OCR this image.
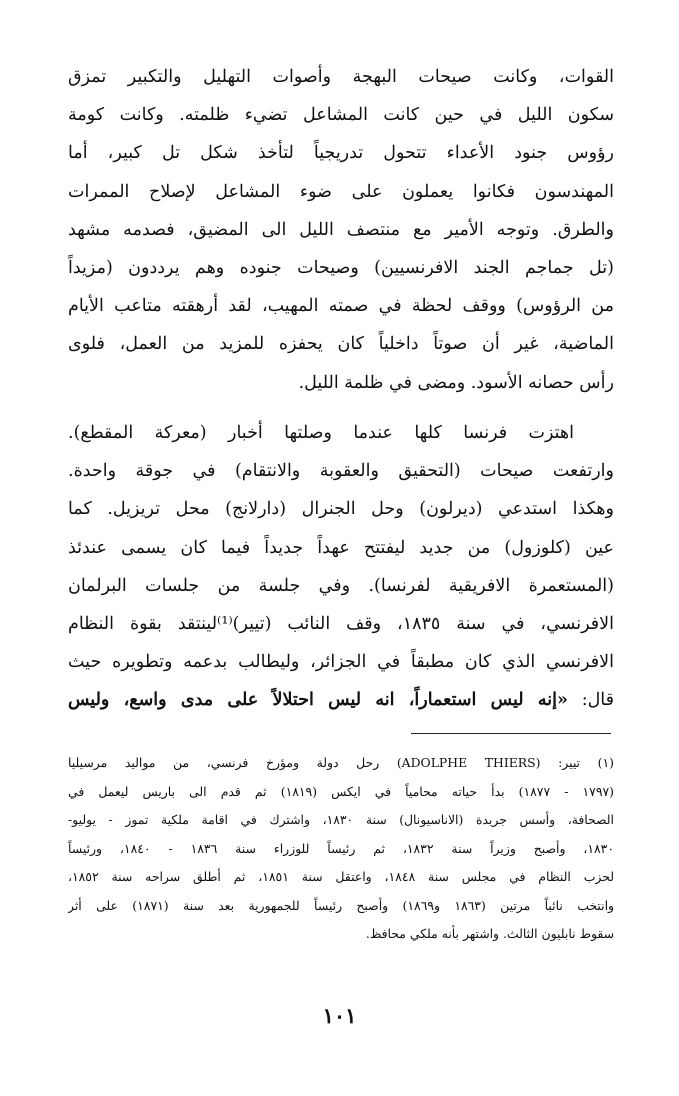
القوات، وكانت صيحات البهجة وأصوات التهليل والتكبير تمزق
سكون الليل في حين كانت المشاعل تضيء ظلمته. وكانت كومة
رؤوس جنود الأعداء تتحول تدريجياً لتأخذ شكل تل كبير، أما
المهندسون فكانوا يعملون على ضوء المشاعل لإصلاح الممرات
والطرق. وتوجه الأمير مع منتصف الليل الى المضيق، فصدمه مشهد
(تل جماجم الجند الافرنسيين) وصيحات جنوده وهم يرددون (مزيداً
من الرؤوس) ووقف لحظة في صمته المهيب، لقد أرهقته متاعب الأيام
الماضية، غير أن صوتاً داخلياً كان يحفزه للمزيد من العمل، فلوى
رأس حصانه الأسود. ومضى في ظلمة الليل.
اهتزت فرنسا كلها عندما وصلتها أخبار (معركة المقطع).
وارتفعت صيحات (التحقيق والعقوبة والانتقام) في جوقة واحدة.
وهكذا استدعي (ديرلون) وحل الجنرال (دارلانج) محل تريزيل. كما
عين (كلوزول) من جديد ليفتتح عهداً جديداً فيما كان يسمى عندئذ
(المستعمرة الافريقية لفرنسا). وفي جلسة من جلسات البرلمان
الافرنسي، في سنة ١٨٣٥، وقف النائب (تيير)⁽¹⁾لينتقد بقوة النظام
الافرنسي الذي كان مطبقاً في الجزائر، وليطالب بدعمه وتطويره حيث
قال: «إنه ليس استعماراً، انه ليس احتلالاً على مدى واسع، وليس
(١) تيير: (ADOLPHE THIERS) رحل دولة ومؤرخ فرنسي، من مواليد مرسيليا
(١٧٩٧ - ١٨٧٧) بدأ حياته محامياً في ايكس (١٨١٩) ثم قدم الى باريس ليعمل في
الصحافة، وأسس جريدة (الاناسيونال) سنة ١٨٣٠، واشترك في اقامة ملكية تموز - يوليو-
١٨٣٠، وأصبح وزيراً سنة ١٨٣٢، ثم رئيساً للوزراء سنة ١٨٣٦ - ١٨٤٠، ورئيساً
لحزب النظام في مجلس سنة ١٨٤٨، واعتقل سنة ١٨٥١، ثم أطلق سراحه سنة ١٨٥٢،
وانتخب نائباً مرتين (١٨٦٣ و١٨٦٩) وأصبح رئيساً للجمهورية بعد سنة (١٨٧١) على أثر
سقوط نابليون الثالث. واشتهر بأنه ملكي محافظ.
١٠١
